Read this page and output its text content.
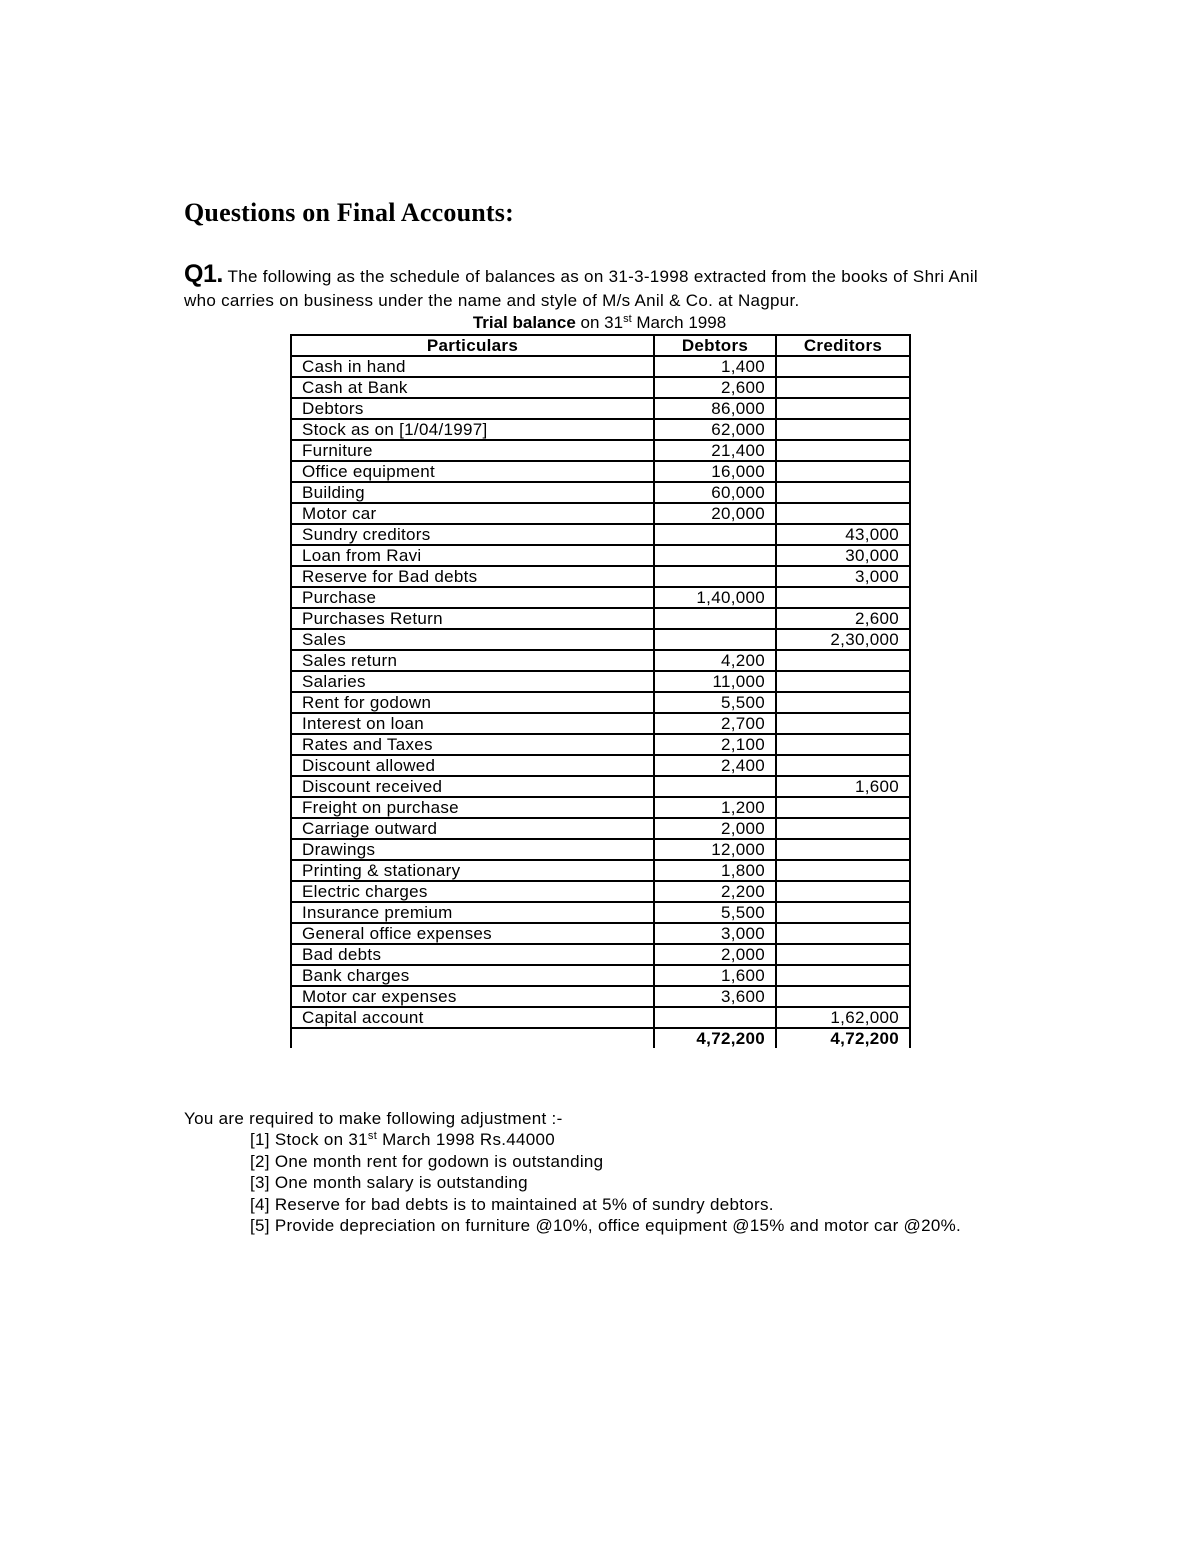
Questions on Final Accounts:

Q1. The following as the schedule of balances as on 31-3-1998 extracted from the books of Shri Anil
who carries on business under the name and style of M/s Anil & Co. at Nagpur.

Trial balance on 31st March 1998
Particulars	Debtors	Creditors
Cash in hand	1,400	
Cash at Bank	2,600	
Debtors	86,000	
Stock as on [1/04/1997]	62,000	
Furniture	21,400	
Office equipment	16,000	
Building	60,000	
Motor car	20,000	
Sundry creditors		43,000
Loan from Ravi		30,000
Reserve for Bad debts		3,000
Purchase	1,40,000	
Purchases Return		2,600
Sales		2,30,000
Sales return	4,200	
Salaries	11,000	
Rent for godown	5,500	
Interest on loan	2,700	
Rates and Taxes	2,100	
Discount allowed	2,400	
Discount received		1,600
Freight on purchase	1,200	
Carriage outward	2,000	
Drawings	12,000	
Printing & stationary	1,800	
Electric charges	2,200	
Insurance premium	5,500	
General office expenses	3,000	
Bad debts	2,000	
Bank charges	1,600	
Motor car expenses	3,600	
Capital account		1,62,000
	4,72,200	4,72,200

You are required to make following adjustment :-

[1] Stock on 31st March 1998 Rs.44000
[2] One month rent for godown is outstanding
[3] One month salary is outstanding
[4] Reserve for bad debts is to maintained at 5% of sundry debtors.
[5] Provide depreciation on furniture @10%, office equipment @15% and motor car @20%.
